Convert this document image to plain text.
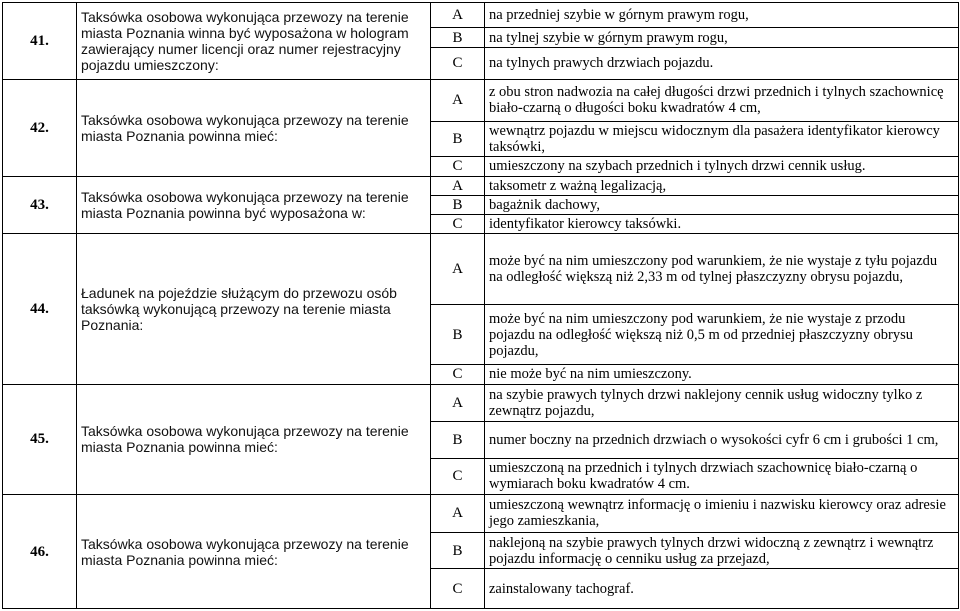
41.	Taksówka osobowa wykonująca przewozy na terenie miasta Poznania winna być wyposażona w hologram zawierający numer licencji oraz numer rejestracyjny pojazdu umieszczony:	A	na przedniej szybie w górnym prawym rogu,
		B	na tylnej szybie w górnym prawym rogu,
		C	na tylnych prawych drzwiach pojazdu.
42.	Taksówka osobowa wykonująca przewozy na terenie miasta Poznania powinna mieć:	A	z obu stron nadwozia na całej długości drzwi przednich i tylnych szachownicę biało-czarną o długości boku kwadratów 4 cm,
		B	wewnątrz pojazdu w miejscu widocznym dla pasażera identyfikator kierowcy taksówki,
		C	umieszczony na szybach przednich i tylnych drzwi cennik usług.
43.	Taksówka osobowa wykonująca przewozy na terenie miasta Poznania powinna być wyposażona w:	A	taksometr z ważną legalizacją,
		B	bagażnik dachowy,
		C	identyfikator kierowcy taksówki.
44.	Ładunek na pojeździe służącym do przewozu osób taksówką wykonującą przewozy na terenie miasta Poznania:	A	może być na nim umieszczony pod warunkiem, że nie wystaje z tyłu pojazdu na odległość większą niż 2,33 m od tylnej płaszczyzny obrysu pojazdu,
		B	może być na nim umieszczony pod warunkiem, że nie wystaje z przodu pojazdu na odległość większą niż 0,5 m od przedniej płaszczyzny obrysu pojazdu,
		C	nie może być na nim umieszczony.
45.	Taksówka osobowa wykonująca przewozy na terenie miasta Poznania powinna mieć:	A	na szybie prawych tylnych drzwi naklejony cennik usług widoczny tylko z zewnątrz pojazdu,
		B	numer boczny na przednich drzwiach o wysokości cyfr 6 cm i grubości 1 cm,
		C	umieszczoną na przednich i tylnych drzwiach szachownicę biało-czarną o wymiarach boku kwadratów 4 cm.
46.	Taksówka osobowa wykonująca przewozy na terenie miasta Poznania powinna mieć:	A	umieszczoną wewnątrz informację o imieniu i nazwisku kierowcy oraz adresie jego zamieszkania,
		B	naklejoną na szybie prawych tylnych drzwi widoczną z zewnątrz i wewnątrz pojazdu informację o cenniku usług za przejazd,
		C	zainstalowany tachograf.
